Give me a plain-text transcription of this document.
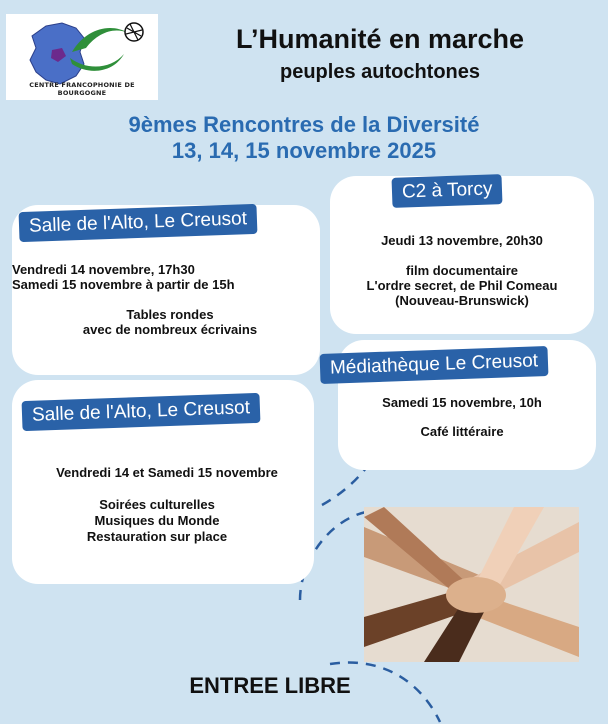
CENTRE FRANCOPHONIE DE BOURGOGNE
L’Humanité en marche
peuples autochtones
9èmes Rencontres de la Diversité
13, 14, 15 novembre 2025
Salle de l'Alto, Le Creusot
Vendredi 14 novembre, 17h30
Samedi 15 novembre à partir de 15h
Tables rondes
avec de nombreux écrivains
C2 à Torcy
Jeudi 13 novembre, 20h30
film documentaire
L'ordre secret, de Phil Comeau
(Nouveau-Brunswick)
Médiathèque Le Creusot
Samedi 15 novembre, 10h
Café littéraire
Salle de l'Alto, Le Creusot
Vendredi 14 et Samedi 15 novembre
Soirées culturelles
Musiques du Monde
Restauration sur place
ENTREE LIBRE
